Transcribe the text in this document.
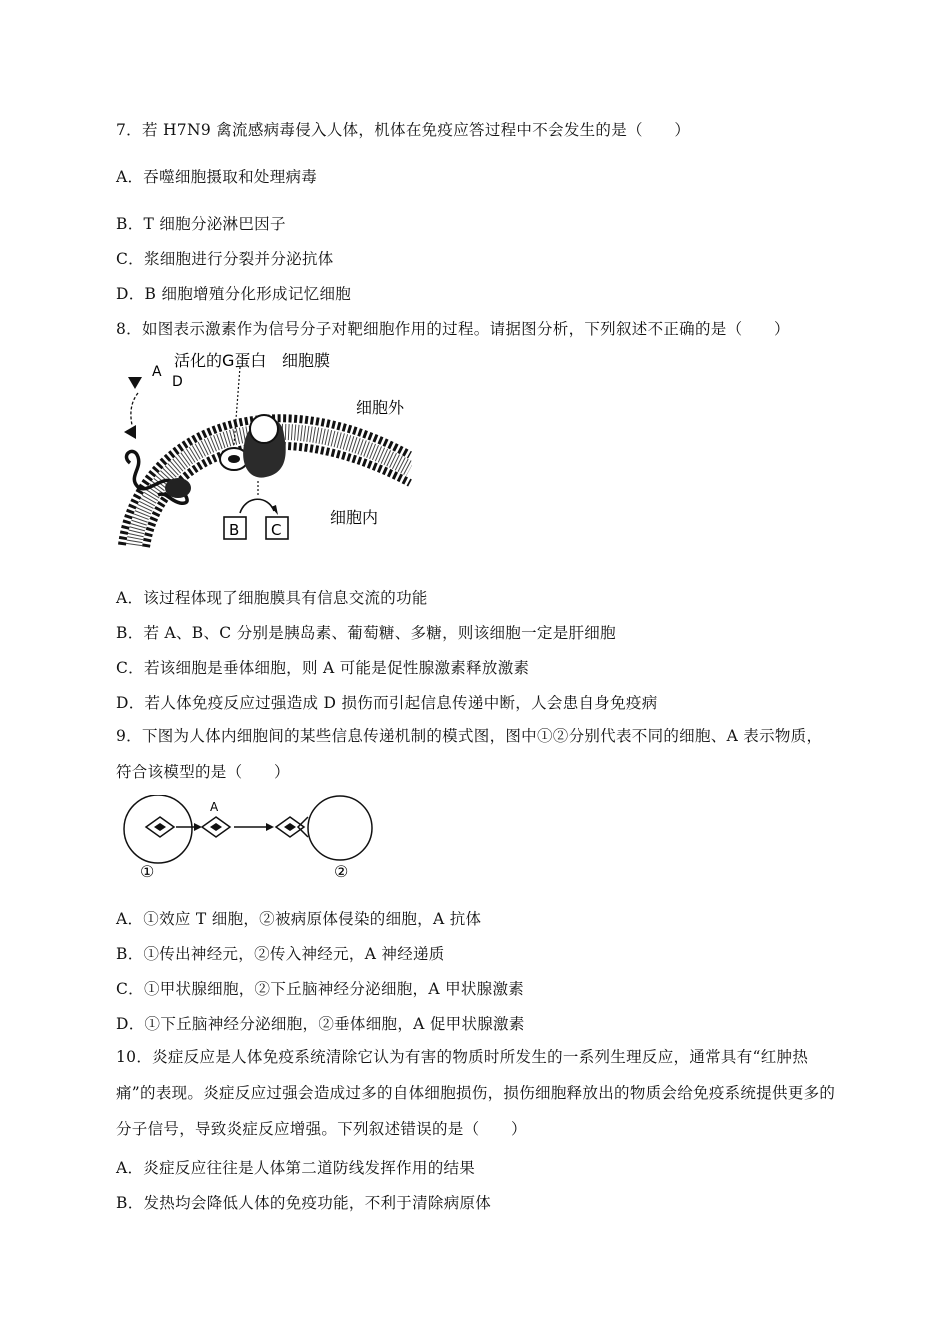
7．若 H7N9 禽流感病毒侵入人体，机体在免疫应答过程中不会发生的是（　　）
A．吞噬细胞摄取和处理病毒
B．T 细胞分泌淋巴因子
C．浆细胞进行分裂并分泌抗体
D．B 细胞增殖分化形成记忆细胞
8．如图表示激素作为信号分子对靶细胞作用的过程。请据图分析，下列叙述不正确的是（　　）
B C
A
D
活化的G蛋白 细胞膜
细胞外
细胞内
A．该过程体现了细胞膜具有信息交流的功能
B．若 A、B、C 分别是胰岛素、葡萄糖、多糖，则该细胞一定是肝细胞
C．若该细胞是垂体细胞，则 A 可能是促性腺激素释放激素
D．若人体免疫反应过强造成 D 损伤而引起信息传递中断，人会患自身免疫病
9．下图为人体内细胞间的某些信息传递机制的模式图，图中①②分别代表不同的细胞、A 表示物质，符合该模型的是（　　）
A
①	②
A．①效应 T 细胞，②被病原体侵染的细胞，A 抗体
B．①传出神经元，②传入神经元，A 神经递质
C．①甲状腺细胞，②下丘脑神经分泌细胞，A 甲状腺激素
D．①下丘脑神经分泌细胞，②垂体细胞，A 促甲状腺激素
10．炎症反应是人体免疫系统清除它认为有害的物质时所发生的一系列生理反应，通常具有“红肿热痛”的表现。炎症反应过强会造成过多的自体细胞损伤，损伤细胞释放出的物质会给免疫系统提供更多的分子信号，导致炎症反应增强。下列叙述错误的是（　　）
A．炎症反应往往是人体第二道防线发挥作用的结果
B．发热均会降低人体的免疫功能，不利于清除病原体
